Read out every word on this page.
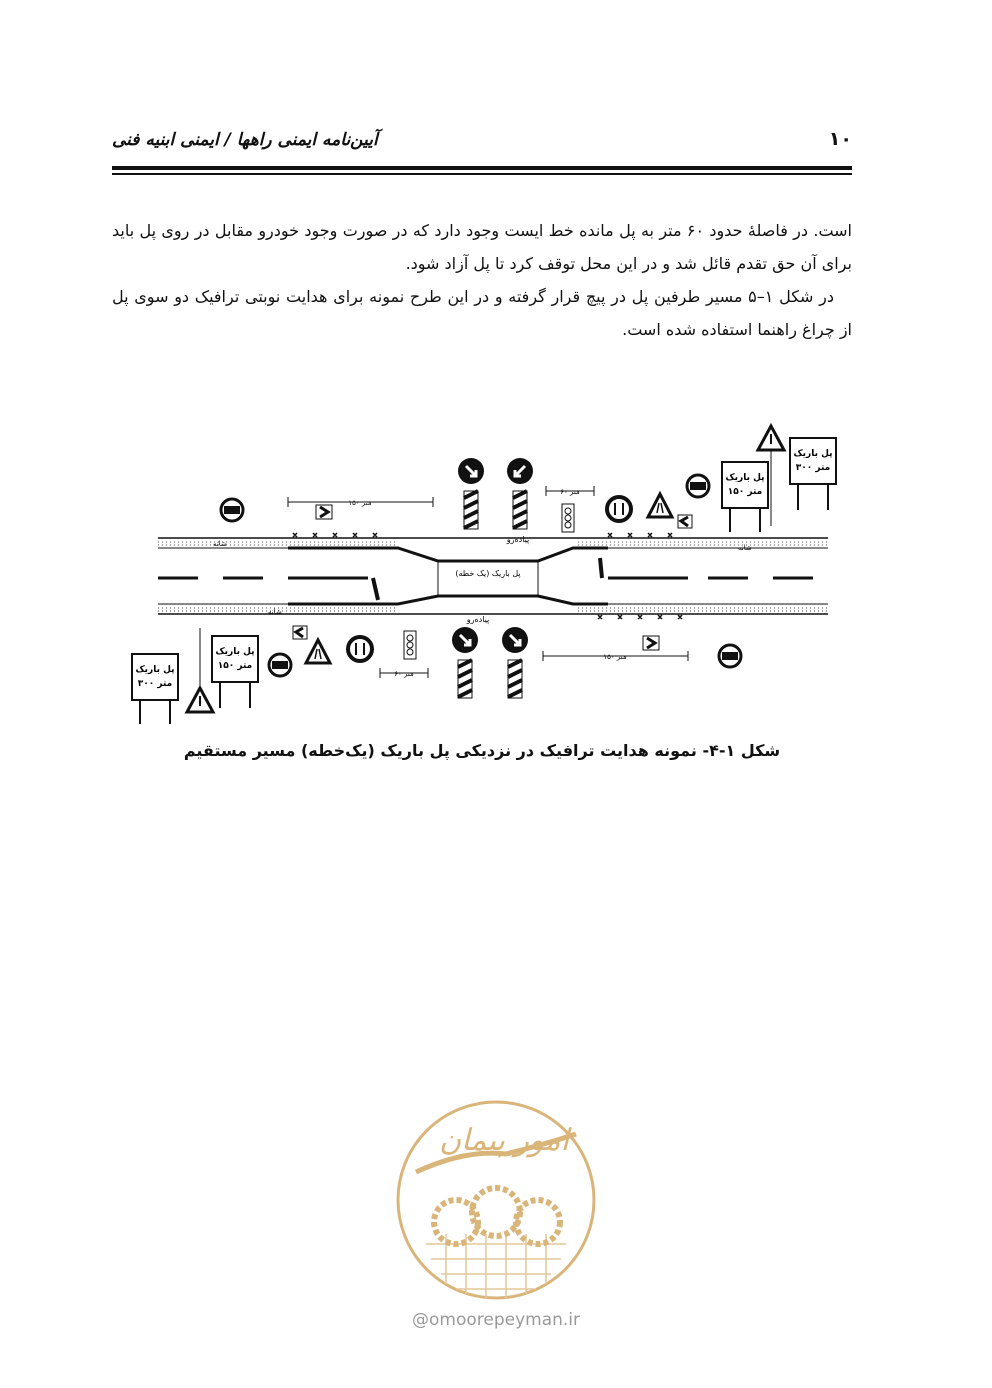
۱۰
آیین‌نامه ایمنی راهها / ایمنی ابنیه فنی

است. در فاصلهٔ حدود ۶۰ متر به پل مانده خط ایست وجود دارد که در صورت وجود خودرو مقابل در روی پل باید برای آن حق تقدم قائل شد و در این محل توقف کرد تا پل آزاد شود.

در شکل ۱–۵ مسیر طرفین پل در پیچ قرار گرفته و در این طرح نمونه برای هدایت نوبتی ترافیک دو سوی پل از چراغ راهنما استفاده شده است.

پل باریک (یک خطه)
پیاده‌رو
پیاده‌رو
شانه	شانه
شانه
۱۵۰ متر
۶۰ متر
۱۵۰ متر
۶۰ متر
پل باریک
۳۰۰ متر
پل باریک
۱۵۰ متر
پل باریک
۱۵۰ متر
پل باریک
۳۰۰ متر
شکل ۱-۴- نمونه هدایت ترافیک در نزدیکی پل باریک (یک‌خطه) مسیر مستقیم
امور پیمان
@omoorepeyman.ir
